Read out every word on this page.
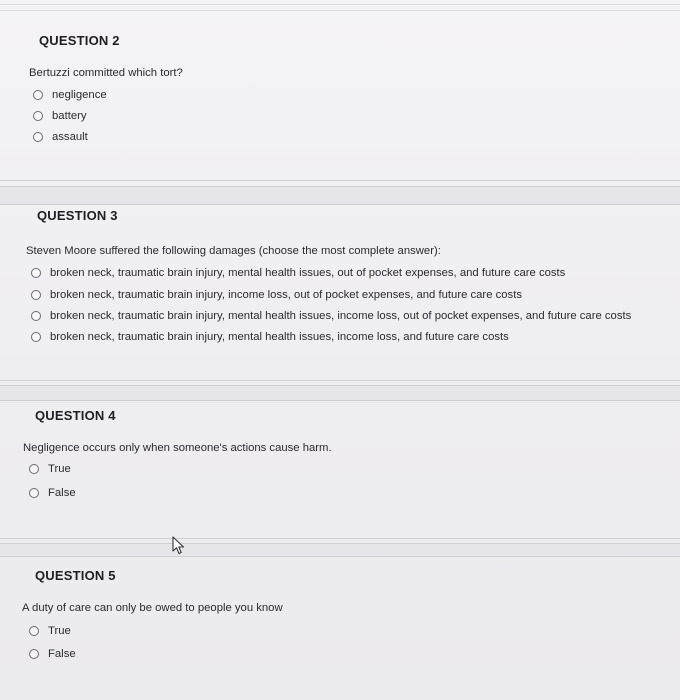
QUESTION 2
Bertuzzi committed which tort?
negligence
battery
assault
QUESTION 3
Steven Moore suffered the following damages (choose the most complete answer):
broken neck, traumatic brain injury, mental health issues, out of pocket expenses, and future care costs
broken neck, traumatic brain injury, income loss, out of pocket expenses, and future care costs
broken neck, traumatic brain injury, mental health issues, income loss, out of pocket expenses, and future care costs
broken neck, traumatic brain injury, mental health issues, income loss, and future care costs
QUESTION 4
Negligence occurs only when someone's actions cause harm.
True
False
QUESTION 5
A duty of care can only be owed to people you know
True
False
